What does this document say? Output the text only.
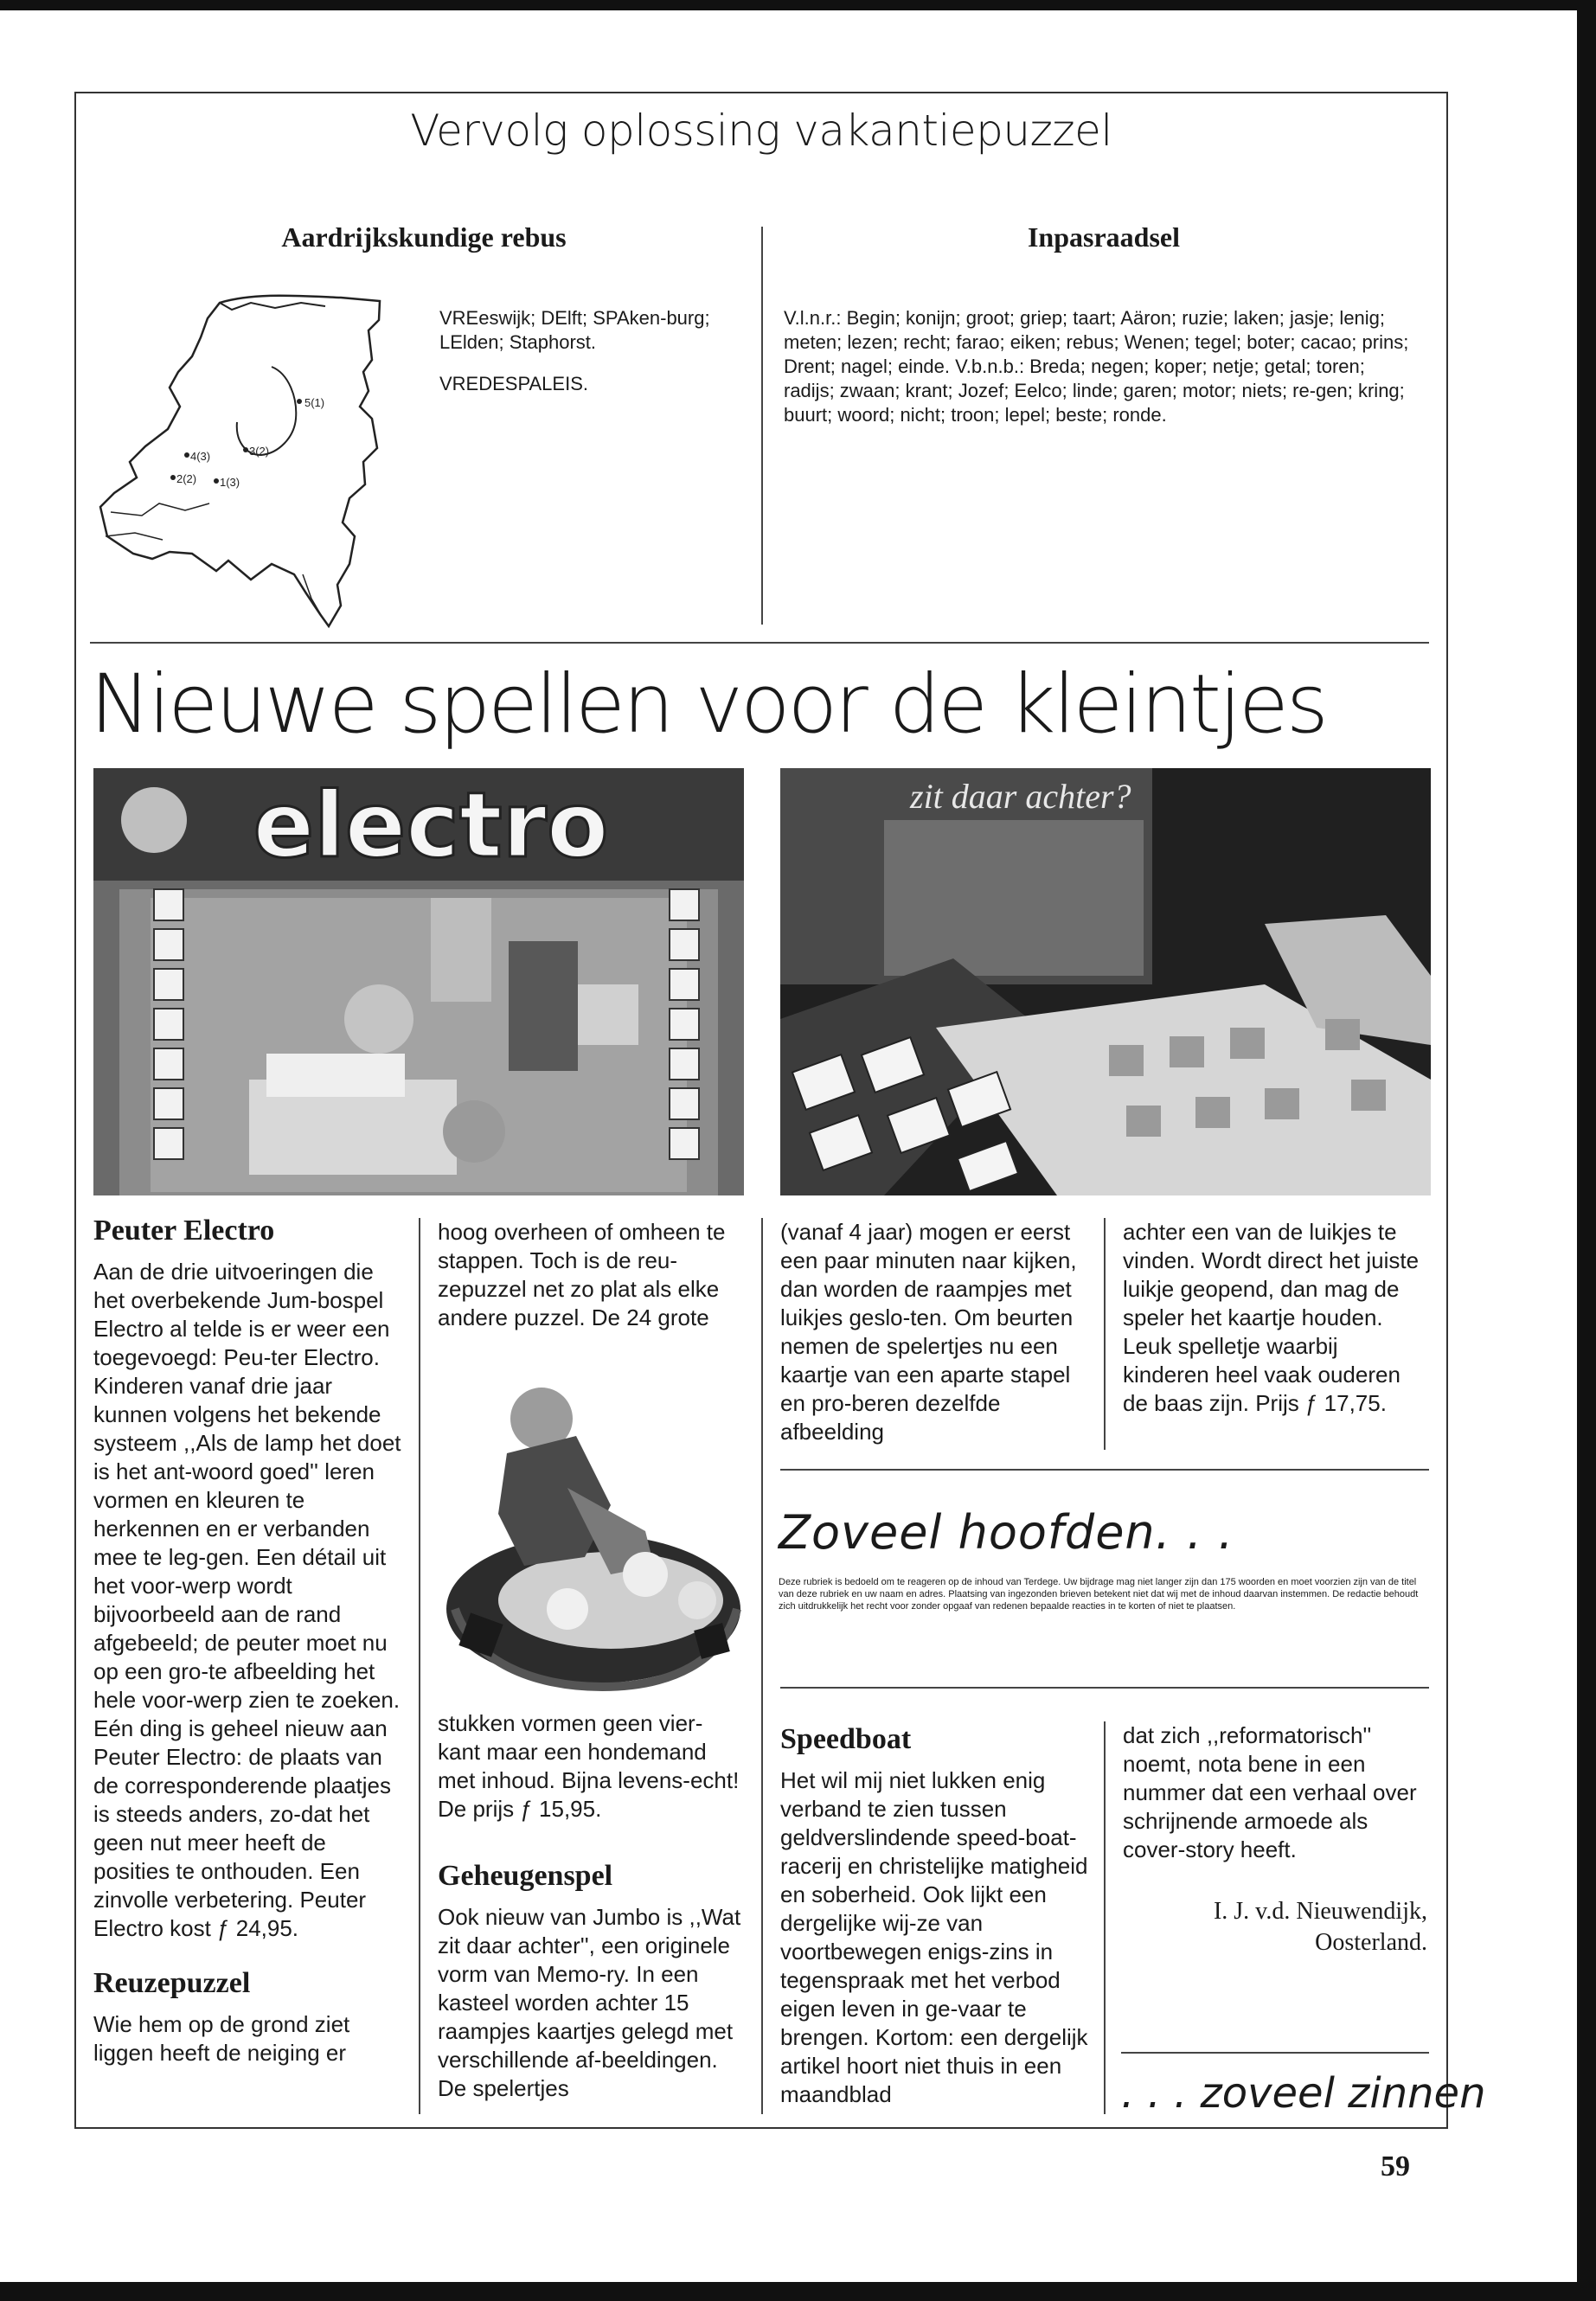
Vervolg oplossing vakantiepuzzel
Aardrijkskundige rebus	Inpasraadsel
5(1)
4(3)
2(2) 1(3)
3(2)

VREeswijk; DElft; SPAken-burg; LElden; Staphorst.

VREDESPALEIS.

V.l.n.r.: Begin; konijn; groot; griep; taart; Aäron; ruzie; laken; jasje; lenig; meten; lezen; recht; farao; eiken; rebus; Wenen; tegel; boter; cacao; prins; Drent; nagel; einde. V.b.n.b.: Breda; negen; koper; netje; getal; toren; radijs; zwaan; krant; Jozef; Eelco; linde; garen; motor; niets; re-gen; kring; buurt; woord; nicht; troon; lepel; beste; ronde.

Nieuwe spellen voor de kleintjes
electro	zit daar achter?
Peuter Electro

Aan de drie uitvoeringen die het overbekende Jum-bospel Electro al telde is er weer een toegevoegd: Peu-ter Electro. Kinderen vanaf drie jaar kunnen volgens het bekende systeem ,,Als de lamp het doet is het ant-woord goed'' leren vormen en kleuren te herkennen en er verbanden mee te leg-gen. Een détail uit het voor-werp wordt bijvoorbeeld aan de rand afgebeeld; de peuter moet nu op een gro-te afbeelding het hele voor-werp zien te zoeken. Eén ding is geheel nieuw aan Peuter Electro: de plaats van de corresponderende plaatjes is steeds anders, zo-dat het geen nut meer heeft de posities te onthouden. Een zinvolle verbetering. Peuter Electro kost ƒ 24,95.

Reuzepuzzel

Wie hem op de grond ziet liggen heeft de neiging er

hoog overheen of omheen te stappen. Toch is de reu-zepuzzel net zo plat als elke andere puzzel. De 24 grote

stukken vormen geen vier-kant maar een hondemand met inhoud. Bijna levens-echt! De prijs ƒ 15,95.

Geheugenspel

Ook nieuw van Jumbo is ,,Wat zit daar achter'', een originele vorm van Memo-ry. In een kasteel worden achter 15 raampjes kaartjes gelegd met verschillende af-beeldingen. De spelertjes

(vanaf 4 jaar) mogen er eerst een paar minuten naar kijken, dan worden de raampjes met luikjes geslo-ten. Om beurten nemen de spelertjes nu een kaartje van een aparte stapel en pro-beren dezelfde afbeelding

achter een van de luikjes te vinden. Wordt direct het juiste luikje geopend, dan mag de speler het kaartje houden. Leuk spelletje waarbij kinderen heel vaak ouderen de baas zijn. Prijs ƒ 17,75.

Zoveel hoofden. . .
Deze rubriek is bedoeld om te reageren op de inhoud van Terdege. Uw bijdrage mag niet langer zijn dan 175 woorden en moet voorzien zijn van de titel van deze rubriek en uw naam en adres. Plaatsing van ingezonden brieven betekent niet dat wij met de inhoud daarvan instemmen. De redactie behoudt zich uitdrukkelijk het recht voor zonder opgaaf van redenen bepaalde reacties in te korten of niet te plaatsen.
Speedboat

Het wil mij niet lukken enig verband te zien tussen geldverslindende speed-boat-racerij en christelijke matigheid en soberheid. Ook lijkt een dergelijke wij-ze van voortbewegen enigs-zins in tegenspraak met het verbod eigen leven in ge-vaar te brengen. Kortom: een dergelijk artikel hoort niet thuis in een maandblad

dat zich ,,reformatorisch'' noemt, nota bene in een nummer dat een verhaal over schrijnende armoede als cover-story heeft.

I. J. v.d. Nieuwendijk,
Oosterland.
. . . zoveel zinnen
59
